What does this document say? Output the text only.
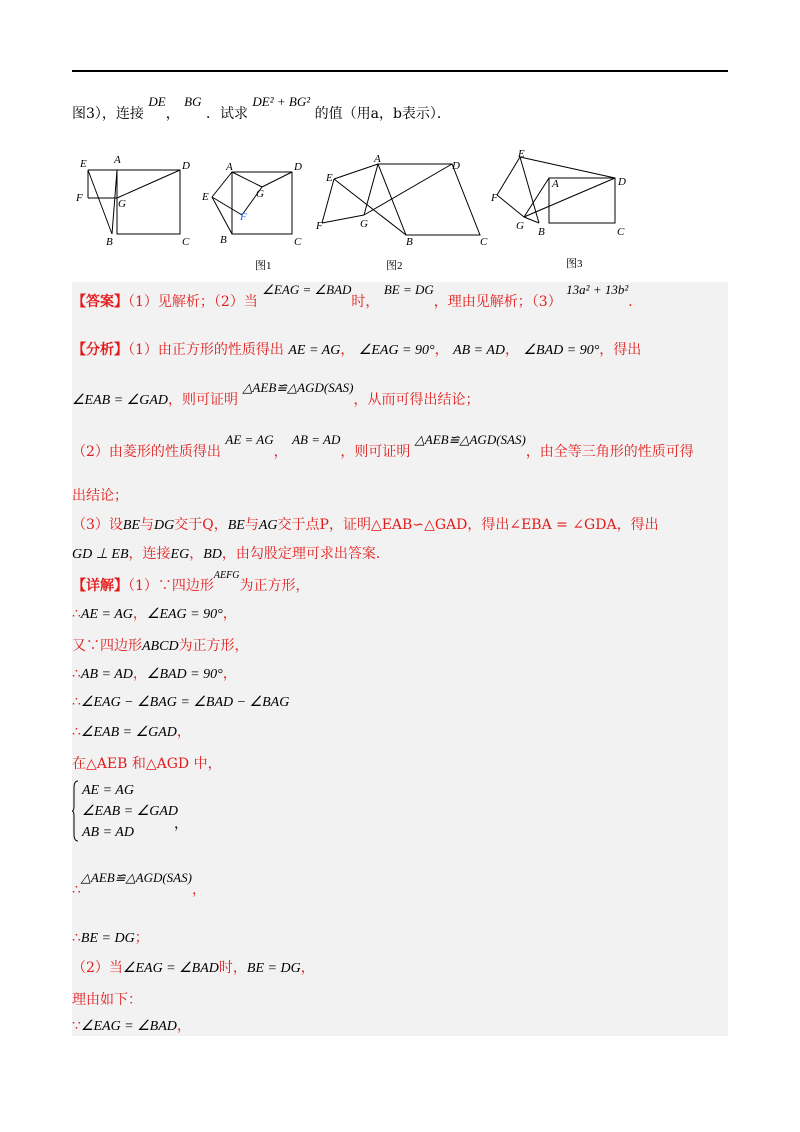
图3），连接 DE， BG ．试求 DE² + BG² 的值（用a，b表示）．
E A	D
F	G
B	C
A
E	G
F
B
D
C
E
A
D
F	G
B	C
E
A	D
F
G B	C
图1	图2	图3
【答案】（1）见解析；（2）当 ∠EAG = ∠BAD时， BE = DG，理由见解析；（3） 13a² + 13b²．
【分析】（1）由正方形的性质得出 AE = AG， ∠EAG = 90°， AB = AD， ∠BAD = 90°，得出
∠EAB = ∠GAD，则可证明 △AEB≌△AGD(SAS)，从而可得出结论；
（2）由菱形的性质得出 AE = AG， AB = AD，则可证明 △AEB≌△AGD(SAS)，由全等三角形的性质可得
出结论；
（3）设BE与DG交于Q，BE与AG交于点P，证明△EAB∽△GAD，得出∠EBA = ∠GDA，得出
GD ⊥ EB，连接EG，BD，由勾股定理可求出答案．
【详解】（1）∵四边形$^{AEFG}$为正方形，
∴AE = AG，∠EAG = 90°，
又∵四边形ABCD为正方形，
∴AB = AD，∠BAD = 90°，
∴∠EAG − ∠BAG = ∠BAD − ∠BAG
∴∠EAB = ∠GAD，
在△AEB 和△AGD 中，
AE = AG
∠EAB = ∠GAD
AB = AD
，
∴△AEB≌△AGD(SAS)，
∴BE = DG；
（2）当∠EAG = ∠BAD时，BE = DG，
理由如下：
∵∠EAG = ∠BAD，
